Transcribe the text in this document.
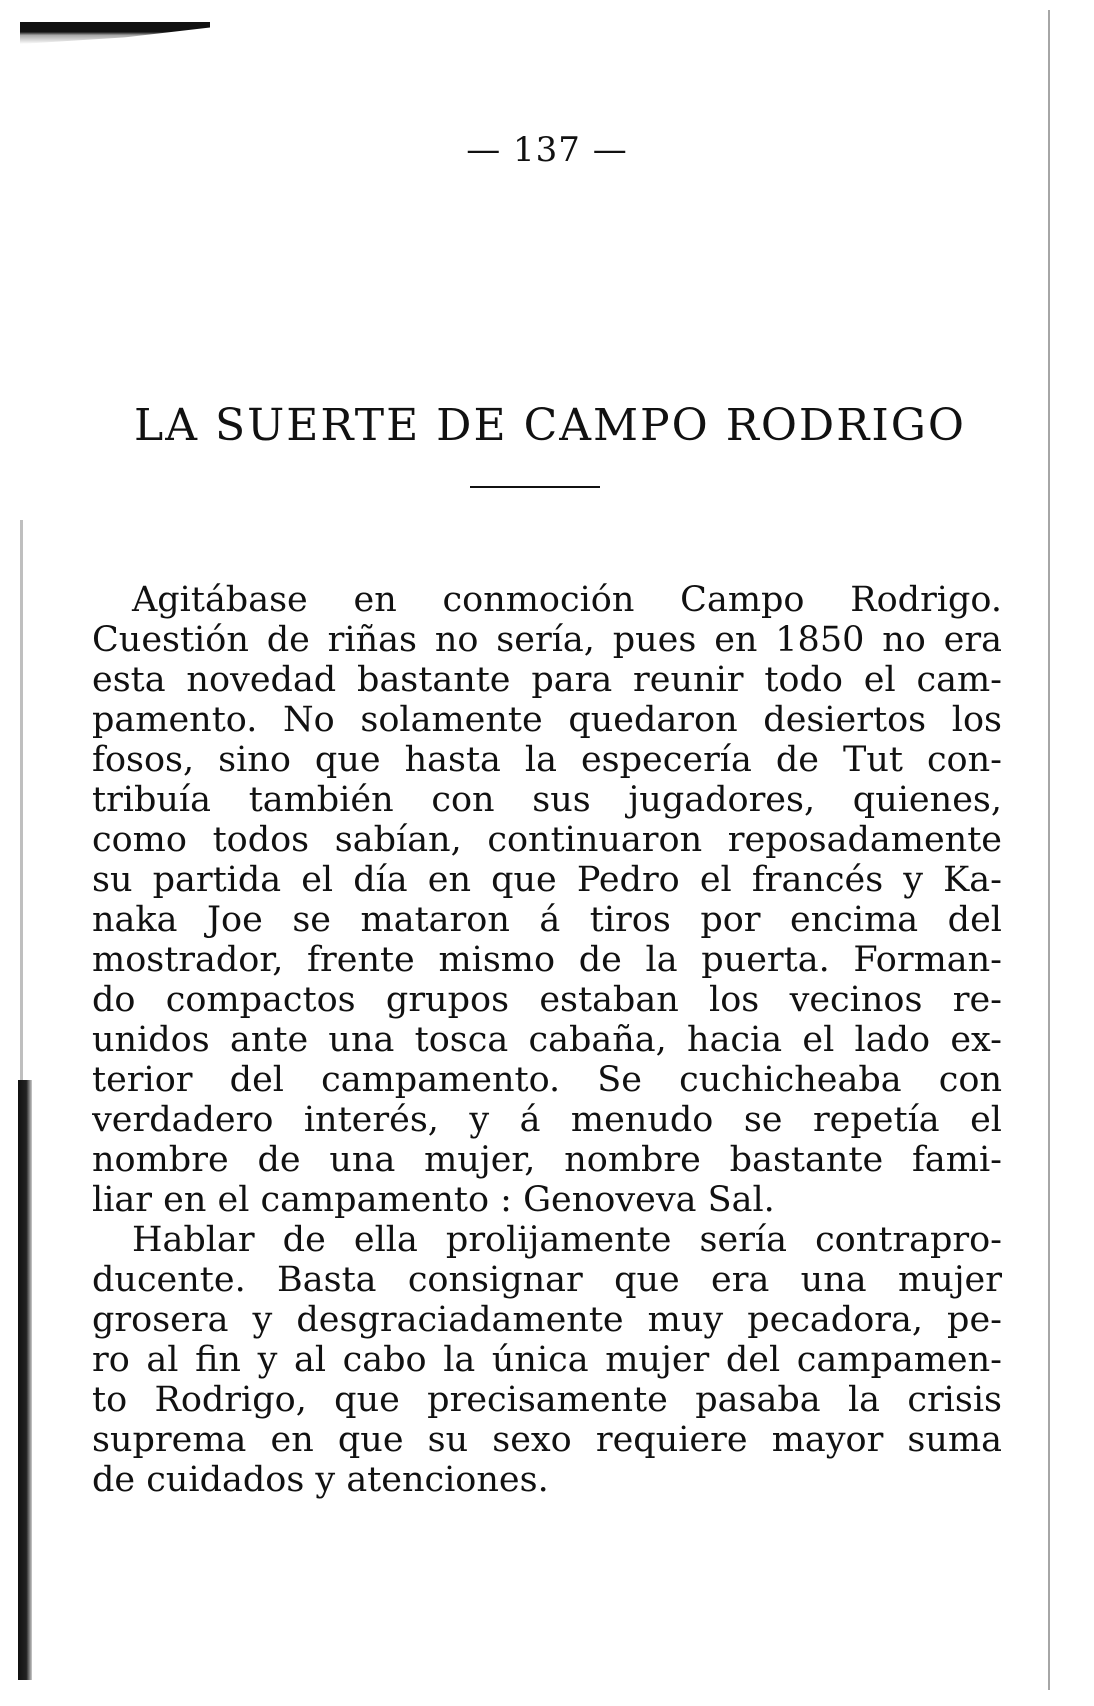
— 137 —
LA SUERTE DE CAMPO RODRIGO

Agitábase en conmoción Campo Rodrigo.
Cuestión de riñas no sería, pues en 1850 no era
esta novedad bastante para reunir todo el cam-
pamento. No solamente quedaron desiertos los
fosos, sino que hasta la especería de Tut con-
tribuía también con sus jugadores, quienes,
como todos sabían, continuaron reposadamente
su partida el día en que Pedro el francés y Ka-
naka Joe se mataron á tiros por encima del
mostrador, frente mismo de la puerta. Forman-
do compactos grupos estaban los vecinos re-
unidos ante una tosca cabaña, hacia el lado ex-
terior del campamento. Se cuchicheaba con
verdadero interés, y á menudo se repetía el
nombre de una mujer, nombre bastante fami-
liar en el campamento : Genoveva Sal.

Hablar de ella prolijamente sería contrapro-
ducente. Basta consignar que era una mujer
grosera y desgraciadamente muy pecadora, pe-
ro al fin y al cabo la única mujer del campamen-
to Rodrigo, que precisamente pasaba la crisis
suprema en que su sexo requiere mayor suma
de cuidados y atenciones.
